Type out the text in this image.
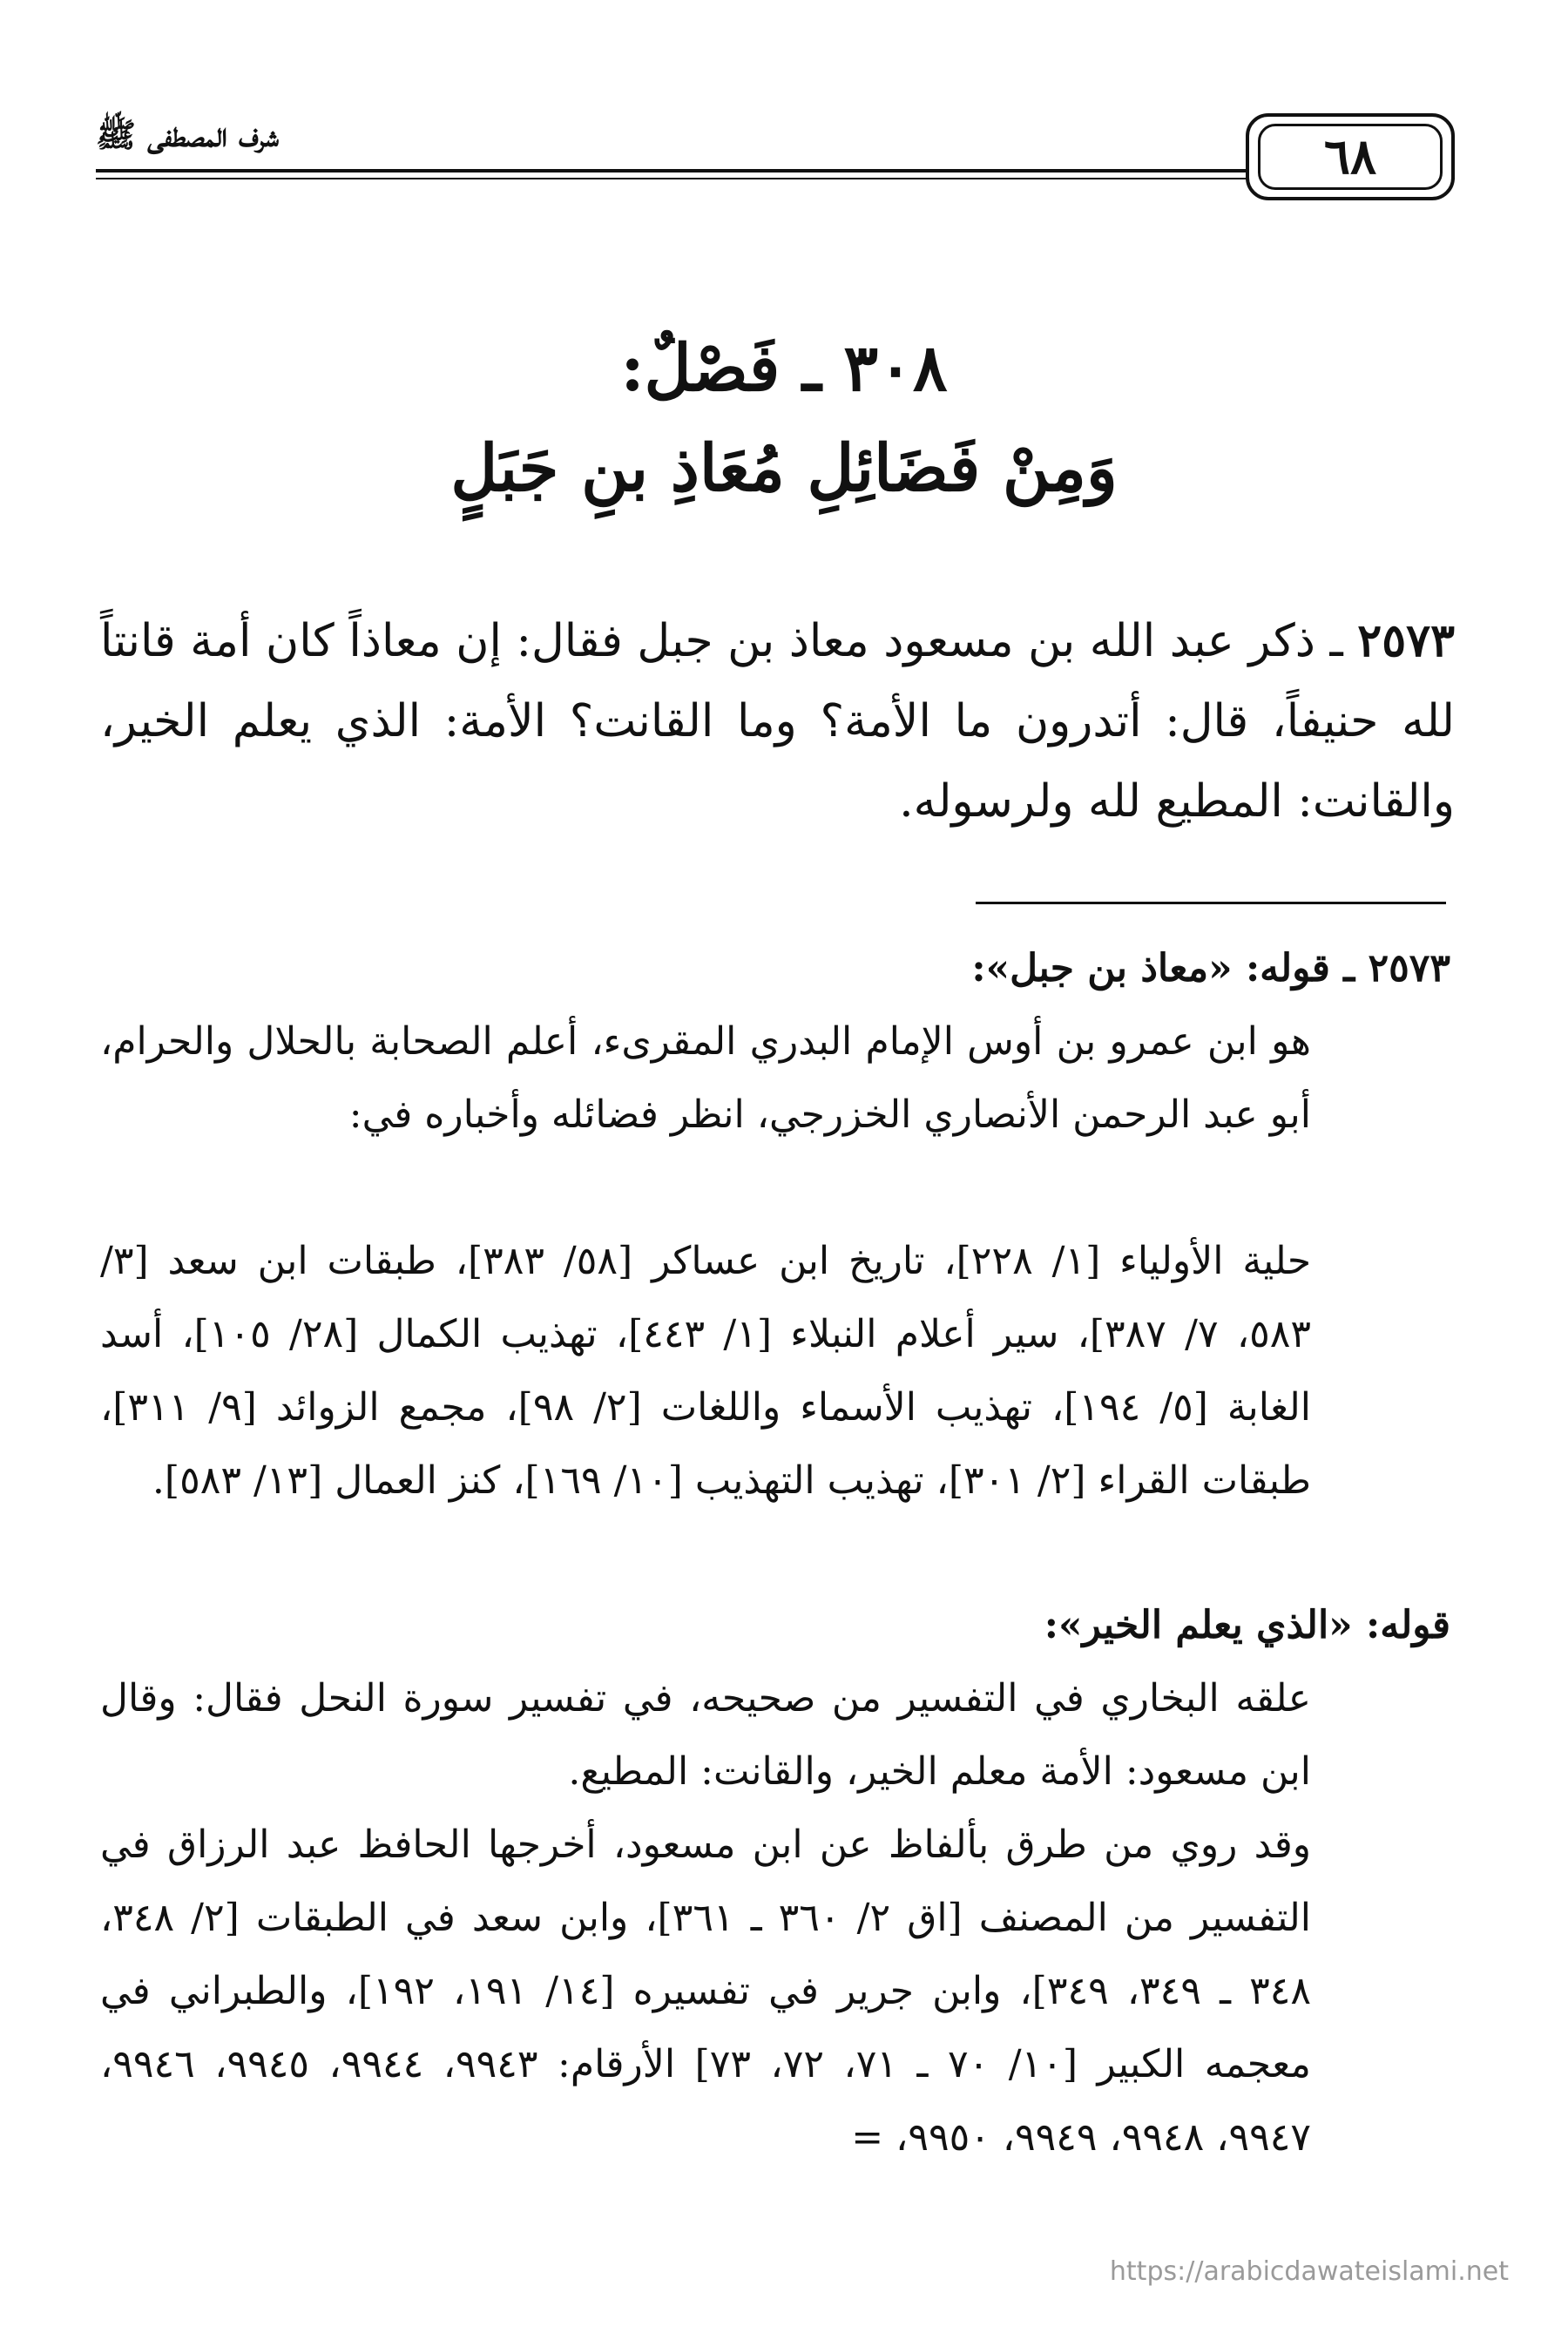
شرف المصطفى ﷺ	٦٨
٣٠٨ ـ فَصْلٌ:
وَمِنْ فَضَائِلِ مُعَاذِ بنِ جَبَلٍ
٢٥٧٣ ـ ذكر عبد الله بن مسعود معاذ بن جبل فقال: إن معاذاً كان أمة قانتاً لله حنيفاً، قال: أتدرون ما الأمة؟ وما القانت؟ الأمة: الذي يعلم الخير، والقانت: المطيع لله ولرسوله.
٢٥٧٣ ـ قوله: «معاذ بن جبل»:
هو ابن عمرو بن أوس الإمام البدري المقرىء، أعلم الصحابة بالحلال والحرام، أبو عبد الرحمن الأنصاري الخزرجي، انظر فضائله وأخباره في:
حلية الأولياء [١/ ٢٢٨]، تاريخ ابن عساكر [٥٨/ ٣٨٣]، طبقات ابن سعد [٣/ ٥٨٣، ٧/ ٣٨٧]، سير أعلام النبلاء [١/ ٤٤٣]، تهذيب الكمال [٢٨/ ١٠٥]، أسد الغابة [٥/ ١٩٤]، تهذيب الأسماء واللغات [٢/ ٩٨]، مجمع الزوائد [٩/ ٣١١]، طبقات القراء [٢/ ٣٠١]، تهذيب التهذيب [١٠/ ١٦٩]، كنز العمال [١٣/ ٥٨٣].
قوله: «الذي يعلم الخير»:
علقه البخاري في التفسير من صحيحه، في تفسير سورة النحل فقال: وقال ابن مسعود: الأمة معلم الخير، والقانت: المطيع.
وقد روي من طرق بألفاظ عن ابن مسعود، أخرجها الحافظ عبد الرزاق في التفسير من المصنف [اق ٢/ ٣٦٠ ـ ٣٦١]، وابن سعد في الطبقات [٢/ ٣٤٨، ٣٤٨ ـ ٣٤٩، ٣٤٩]، وابن جرير في تفسيره [١٤/ ١٩١، ١٩٢]، والطبراني في معجمه الكبير [١٠/ ٧٠ ـ ٧١، ٧٢، ٧٣] الأرقام: ٩٩٤٣، ٩٩٤٤، ٩٩٤٥، ٩٩٤٦، ٩٩٤٧، ٩٩٤٨، ٩٩٤٩، ٩٩٥٠، =
https://arabicdawateislami.net
